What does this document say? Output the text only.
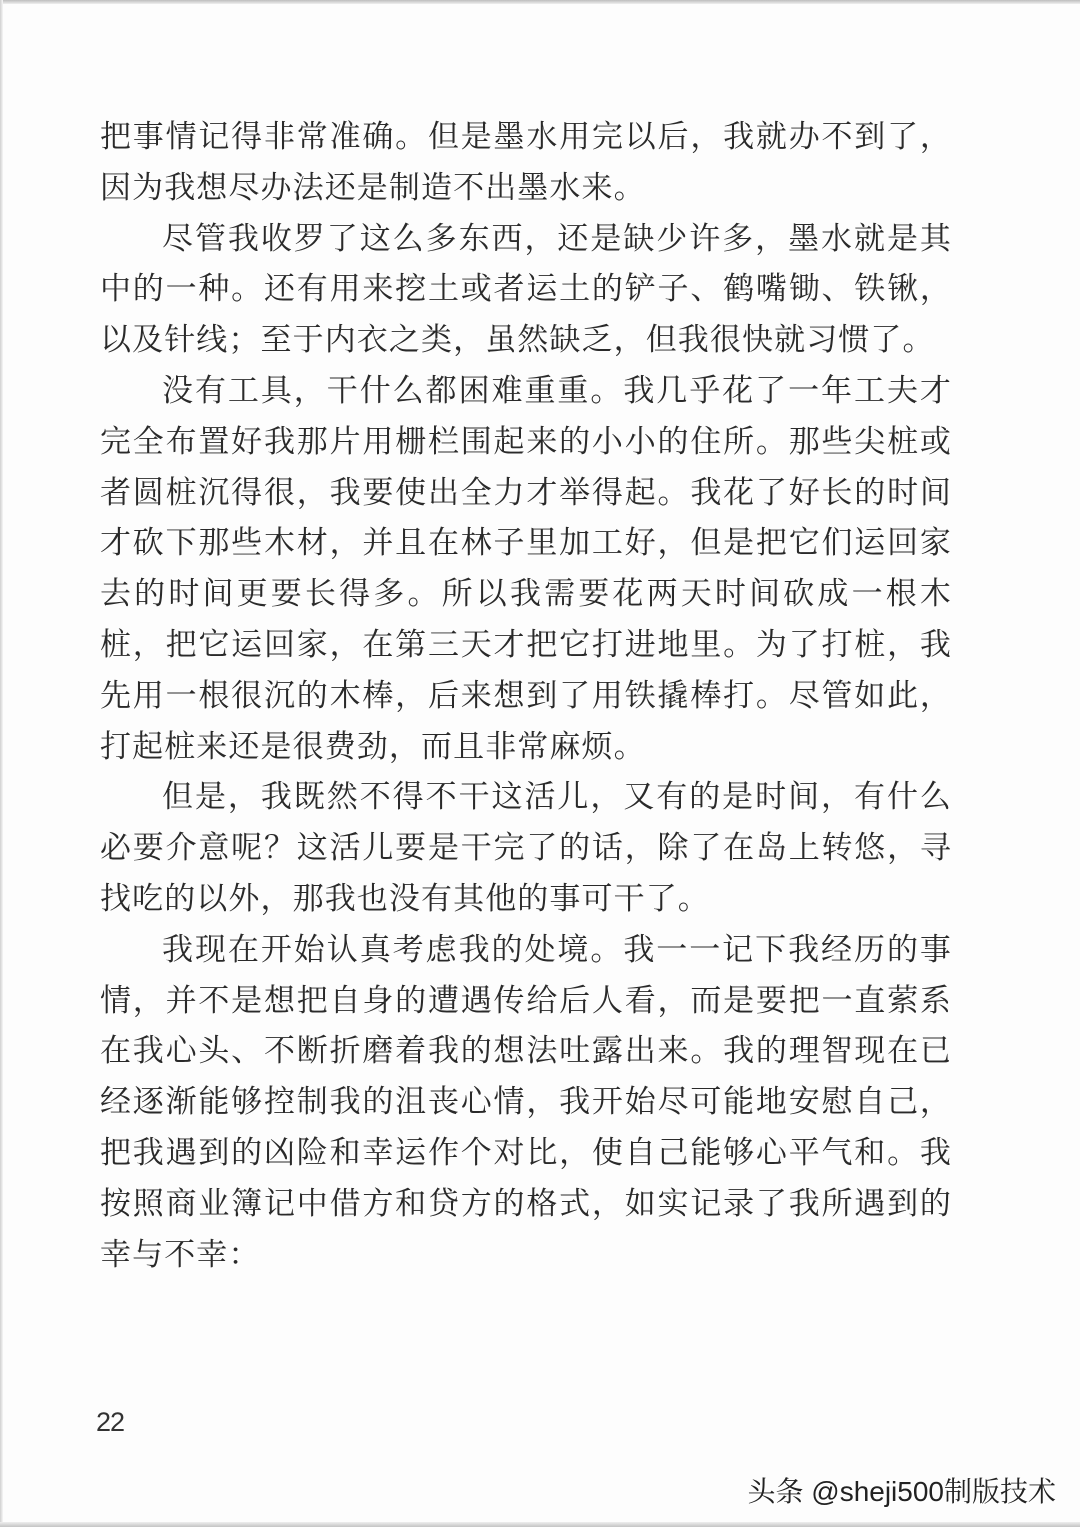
把事情记得非常准确。但是墨水用完以后，我就办不到了，因为我想尽办法还是制造不出墨水来。

尽管我收罗了这么多东西，还是缺少许多，墨水就是其中的一种。还有用来挖土或者运土的铲子、鹤嘴锄、铁锹，以及针线；至于内衣之类，虽然缺乏，但我很快就习惯了。

没有工具，干什么都困难重重。我几乎花了一年工夫才完全布置好我那片用栅栏围起来的小小的住所。那些尖桩或者圆桩沉得很，我要使出全力才举得起。我花了好长的时间才砍下那些木材，并且在林子里加工好，但是把它们运回家去的时间更要长得多。所以我需要花两天时间砍成一根木桩，把它运回家，在第三天才把它打进地里。为了打桩，我先用一根很沉的木棒，后来想到了用铁撬棒打。尽管如此，打起桩来还是很费劲，而且非常麻烦。

但是，我既然不得不干这活儿，又有的是时间，有什么必要介意呢？这活儿要是干完了的话，除了在岛上转悠，寻找吃的以外，那我也没有其他的事可干了。

我现在开始认真考虑我的处境。我一一记下我经历的事情，并不是想把自身的遭遇传给后人看，而是要把一直萦系在我心头、不断折磨着我的想法吐露出来。我的理智现在已经逐渐能够控制我的沮丧心情，我开始尽可能地安慰自己，把我遇到的凶险和幸运作个对比，使自己能够心平气和。我按照商业簿记中借方和贷方的格式，如实记录了我所遇到的幸与不幸：

22
头条 @sheji500制版技术
